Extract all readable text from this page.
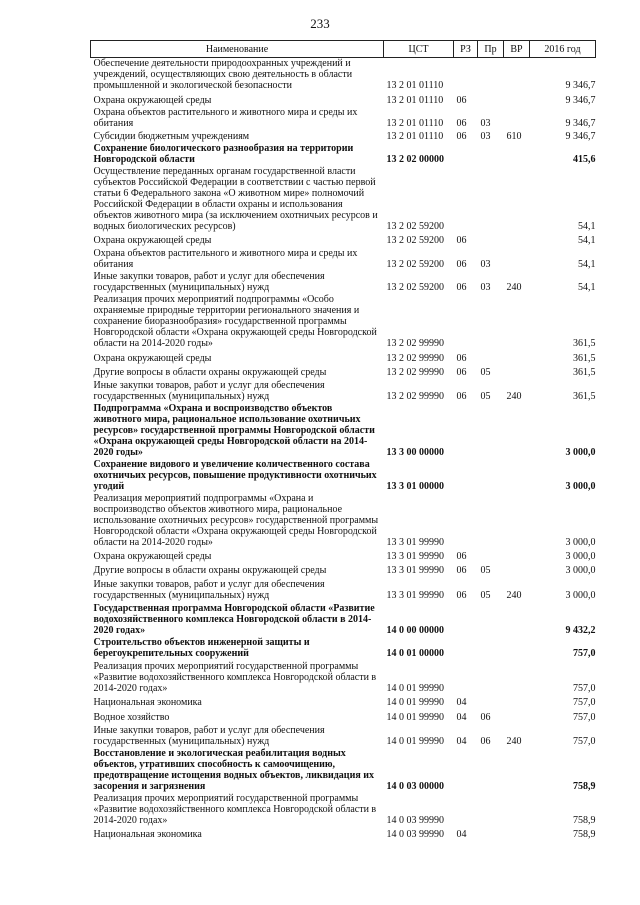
233
Наименование	ЦСТ	РЗ	Пр	ВР	2016 год
Обеспечение деятельности природоохранных учреждений и учреждений, осуществляющих свою деятельность в области промышленной и экологической безопасности	13 2 01 01110				9 346,7
Охрана окружающей среды	13 2 01 01110	06			9 346,7
Охрана объектов растительного и животного мира и среды их обитания	13 2 01 01110	06	03		9 346,7
Субсидии бюджетным учреждениям	13 2 01 01110	06	03	610	9 346,7
Сохранение биологического разнообразия на территории Новгородской области	13 2 02 00000				415,6
Осуществление переданных органам государственной власти субъектов Российской Федерации в соответствии с частью первой статьи 6 Федерального закона «О животном мире» полномочий Российской Федерации в области охраны и использования объектов животного мира (за исключением охотничьих ресурсов и водных биологических ресурсов)	13 2 02 59200				54,1
Охрана окружающей среды	13 2 02 59200	06			54,1
Охрана объектов растительного и животного мира и среды их обитания	13 2 02 59200	06	03		54,1
Иные закупки товаров, работ и услуг для обеспечения государственных (муниципальных) нужд	13 2 02 59200	06	03	240	54,1
Реализация прочих мероприятий подпрограммы «Особо охраняемые природные территории регионального значения и сохранение биоразнообразия» государственной программы Новгородской области «Охрана окружающей среды Новгородской области на 2014-2020 годы»	13 2 02 99990				361,5
Охрана окружающей среды	13 2 02 99990	06			361,5
Другие вопросы в области охраны окружающей среды	13 2 02 99990	06	05		361,5
Иные закупки товаров, работ и услуг для обеспечения государственных (муниципальных) нужд	13 2 02 99990	06	05	240	361,5
Подпрограмма «Охрана и воспроизводство объектов животного мира, рациональное использование охотничьих ресурсов» государственной программы Новгородской области «Охрана окружающей среды Новгородской области на 2014-2020 годы»	13 3 00 00000				3 000,0
Сохранение видового и увеличение количественного состава охотничьих ресурсов, повышение продуктивности охотничьих угодий	13 3 01 00000				3 000,0
Реализация мероприятий подпрограммы «Охрана и воспроизводство объектов животного мира, рациональное использование охотничьих ресурсов» государственной программы Новгородской области «Охрана окружающей среды Новгородской области на 2014-2020 годы»	13 3 01 99990				3 000,0
Охрана окружающей среды	13 3 01 99990	06			3 000,0
Другие вопросы в области охраны окружающей среды	13 3 01 99990	06	05		3 000,0
Иные закупки товаров, работ и услуг для обеспечения государственных (муниципальных) нужд	13 3 01 99990	06	05	240	3 000,0
Государственная программа Новгородской области «Развитие водохозяйственного комплекса Новгородской области в 2014-2020 годах»	14 0 00 00000				9 432,2
Строительство объектов инженерной защиты и берегоукрепительных сооружений	14 0 01 00000				757,0
Реализация прочих мероприятий государственной программы «Развитие водохозяйственного комплекса Новгородской области в 2014-2020 годах»	14 0 01 99990				757,0
Национальная экономика	14 0 01 99990	04			757,0
Водное хозяйство	14 0 01 99990	04	06		757,0
Иные закупки товаров, работ и услуг для обеспечения государственных (муниципальных) нужд	14 0 01 99990	04	06	240	757,0
Восстановление и экологическая реабилитация водных объектов, утративших способность к самоочищению, предотвращение истощения водных объектов, ликвидация их засорения и загрязнения	14 0 03 00000				758,9
Реализация прочих мероприятий государственной программы «Развитие водохозяйственного комплекса Новгородской области в 2014-2020 годах»	14 0 03 99990				758,9
Национальная экономика	14 0 03 99990	04			758,9
